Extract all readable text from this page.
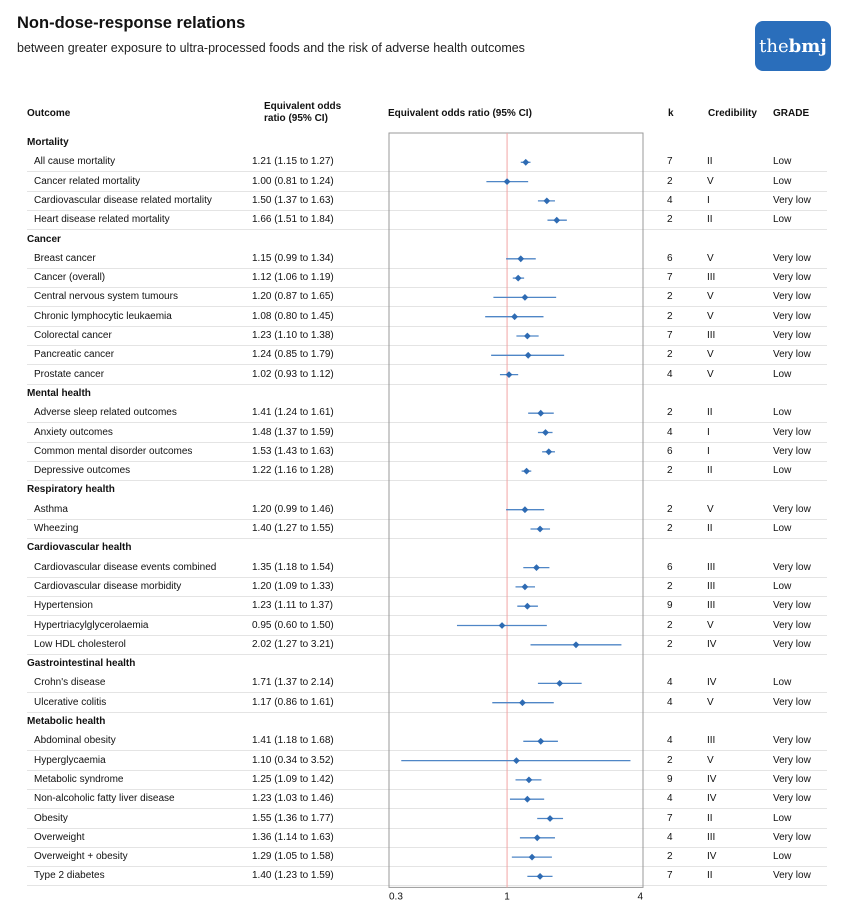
Non-dose-response relations

between greater exposure to ultra-processed foods and the risk of adverse health outcomes	the bmj
Outcome
Equivalent odds
ratio (95% CI)	Equivalent odds ratio (95% CI)	k	Credibility GRADE
Mortality
All cause mortality	1.21 (1.15 to 1.27)	7	II	Low
Cancer related mortality	1.00 (0.81 to 1.24)	2	V	Low
Cardiovascular disease related mortality	1.50 (1.37 to 1.63)	4	I	Very low
Heart disease related mortality	1.66 (1.51 to 1.84)	2	II	Low
Cancer
Breast cancer	1.15 (0.99 to 1.34)	6	V	Very low
Cancer (overall)	1.12 (1.06 to 1.19)	7	III	Very low
Central nervous system tumours	1.20 (0.87 to 1.65)	2	V	Very low
Chronic lymphocytic leukaemia	1.08 (0.80 to 1.45)	2	V	Very low
Colorectal cancer	1.23 (1.10 to 1.38)	7	III	Very low
Pancreatic cancer	1.24 (0.85 to 1.79)	2	V	Very low
Prostate cancer	1.02 (0.93 to 1.12)	4	V	Low
Mental health
Adverse sleep related outcomes	1.41 (1.24 to 1.61)	2	II	Low
Anxiety outcomes	1.48 (1.37 to 1.59)	4	I	Very low
Common mental disorder outcomes	1.53 (1.43 to 1.63)	6	I	Very low
Depressive outcomes	1.22 (1.16 to 1.28)	2	II	Low
Respiratory health
Asthma	1.20 (0.99 to 1.46)	2	V	Very low
Wheezing	1.40 (1.27 to 1.55)	2	II	Low
Cardiovascular health
Cardiovascular disease events combined	1.35 (1.18 to 1.54)	6	III	Very low
Cardiovascular disease morbidity	1.20 (1.09 to 1.33)	2	III	Low
Hypertension	1.23 (1.11 to 1.37)	9	III	Very low
Hypertriacylglycerolaemia	0.95 (0.60 to 1.50)	2	V	Very low
Low HDL cholesterol	2.02 (1.27 to 3.21)	2	IV	Very low
Gastrointestinal health
Crohn's disease	1.71 (1.37 to 2.14)	4	IV	Low
Ulcerative colitis	1.17 (0.86 to 1.61)	4	V	Very low
Metabolic health
Abdominal obesity	1.41 (1.18 to 1.68)	4	III	Very low
Hyperglycaemia	1.10 (0.34 to 3.52)	2	V	Very low
Metabolic syndrome	1.25 (1.09 to 1.42)	9	IV	Very low
Non-alcoholic fatty liver disease	1.23 (1.03 to 1.46)	4	IV	Very low
Obesity	1.55 (1.36 to 1.77)	7	II	Low
Overweight	1.36 (1.14 to 1.63)	4	III	Very low
Overweight + obesity	1.29 (1.05 to 1.58)	2	IV	Low
Type 2 diabetes	1.40 (1.23 to 1.59)	7	II	Very low
0.3	1	4
